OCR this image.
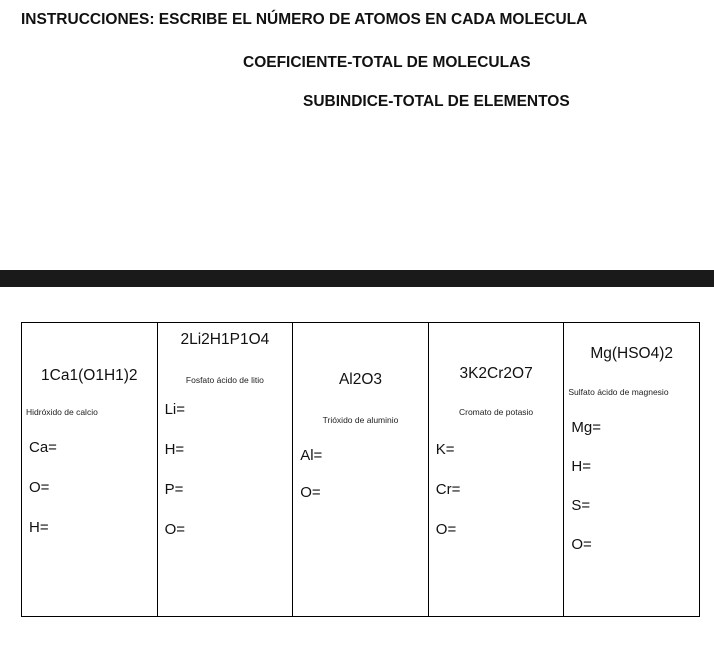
INSTRUCCIONES: ESCRIBE EL NÚMERO DE ATOMOS EN CADA MOLECULA
COEFICIENTE-TOTAL DE MOLECULAS
SUBINDICE-TOTAL DE ELEMENTOS
1Ca1(O1H1)2
Hidróxido de calcio
Ca=
O=
H=
2Li2H1P1O4
Fosfato ácido de litio
Li=
H=
P=
O=
Al2O3
Trióxido de aluminio
Al=
O=
3K2Cr2O7
Cromato de potasio
K=
Cr=
O=
Mg(HSO4)2
Sulfato ácido de magnesio
Mg=
H=
S=
O=
